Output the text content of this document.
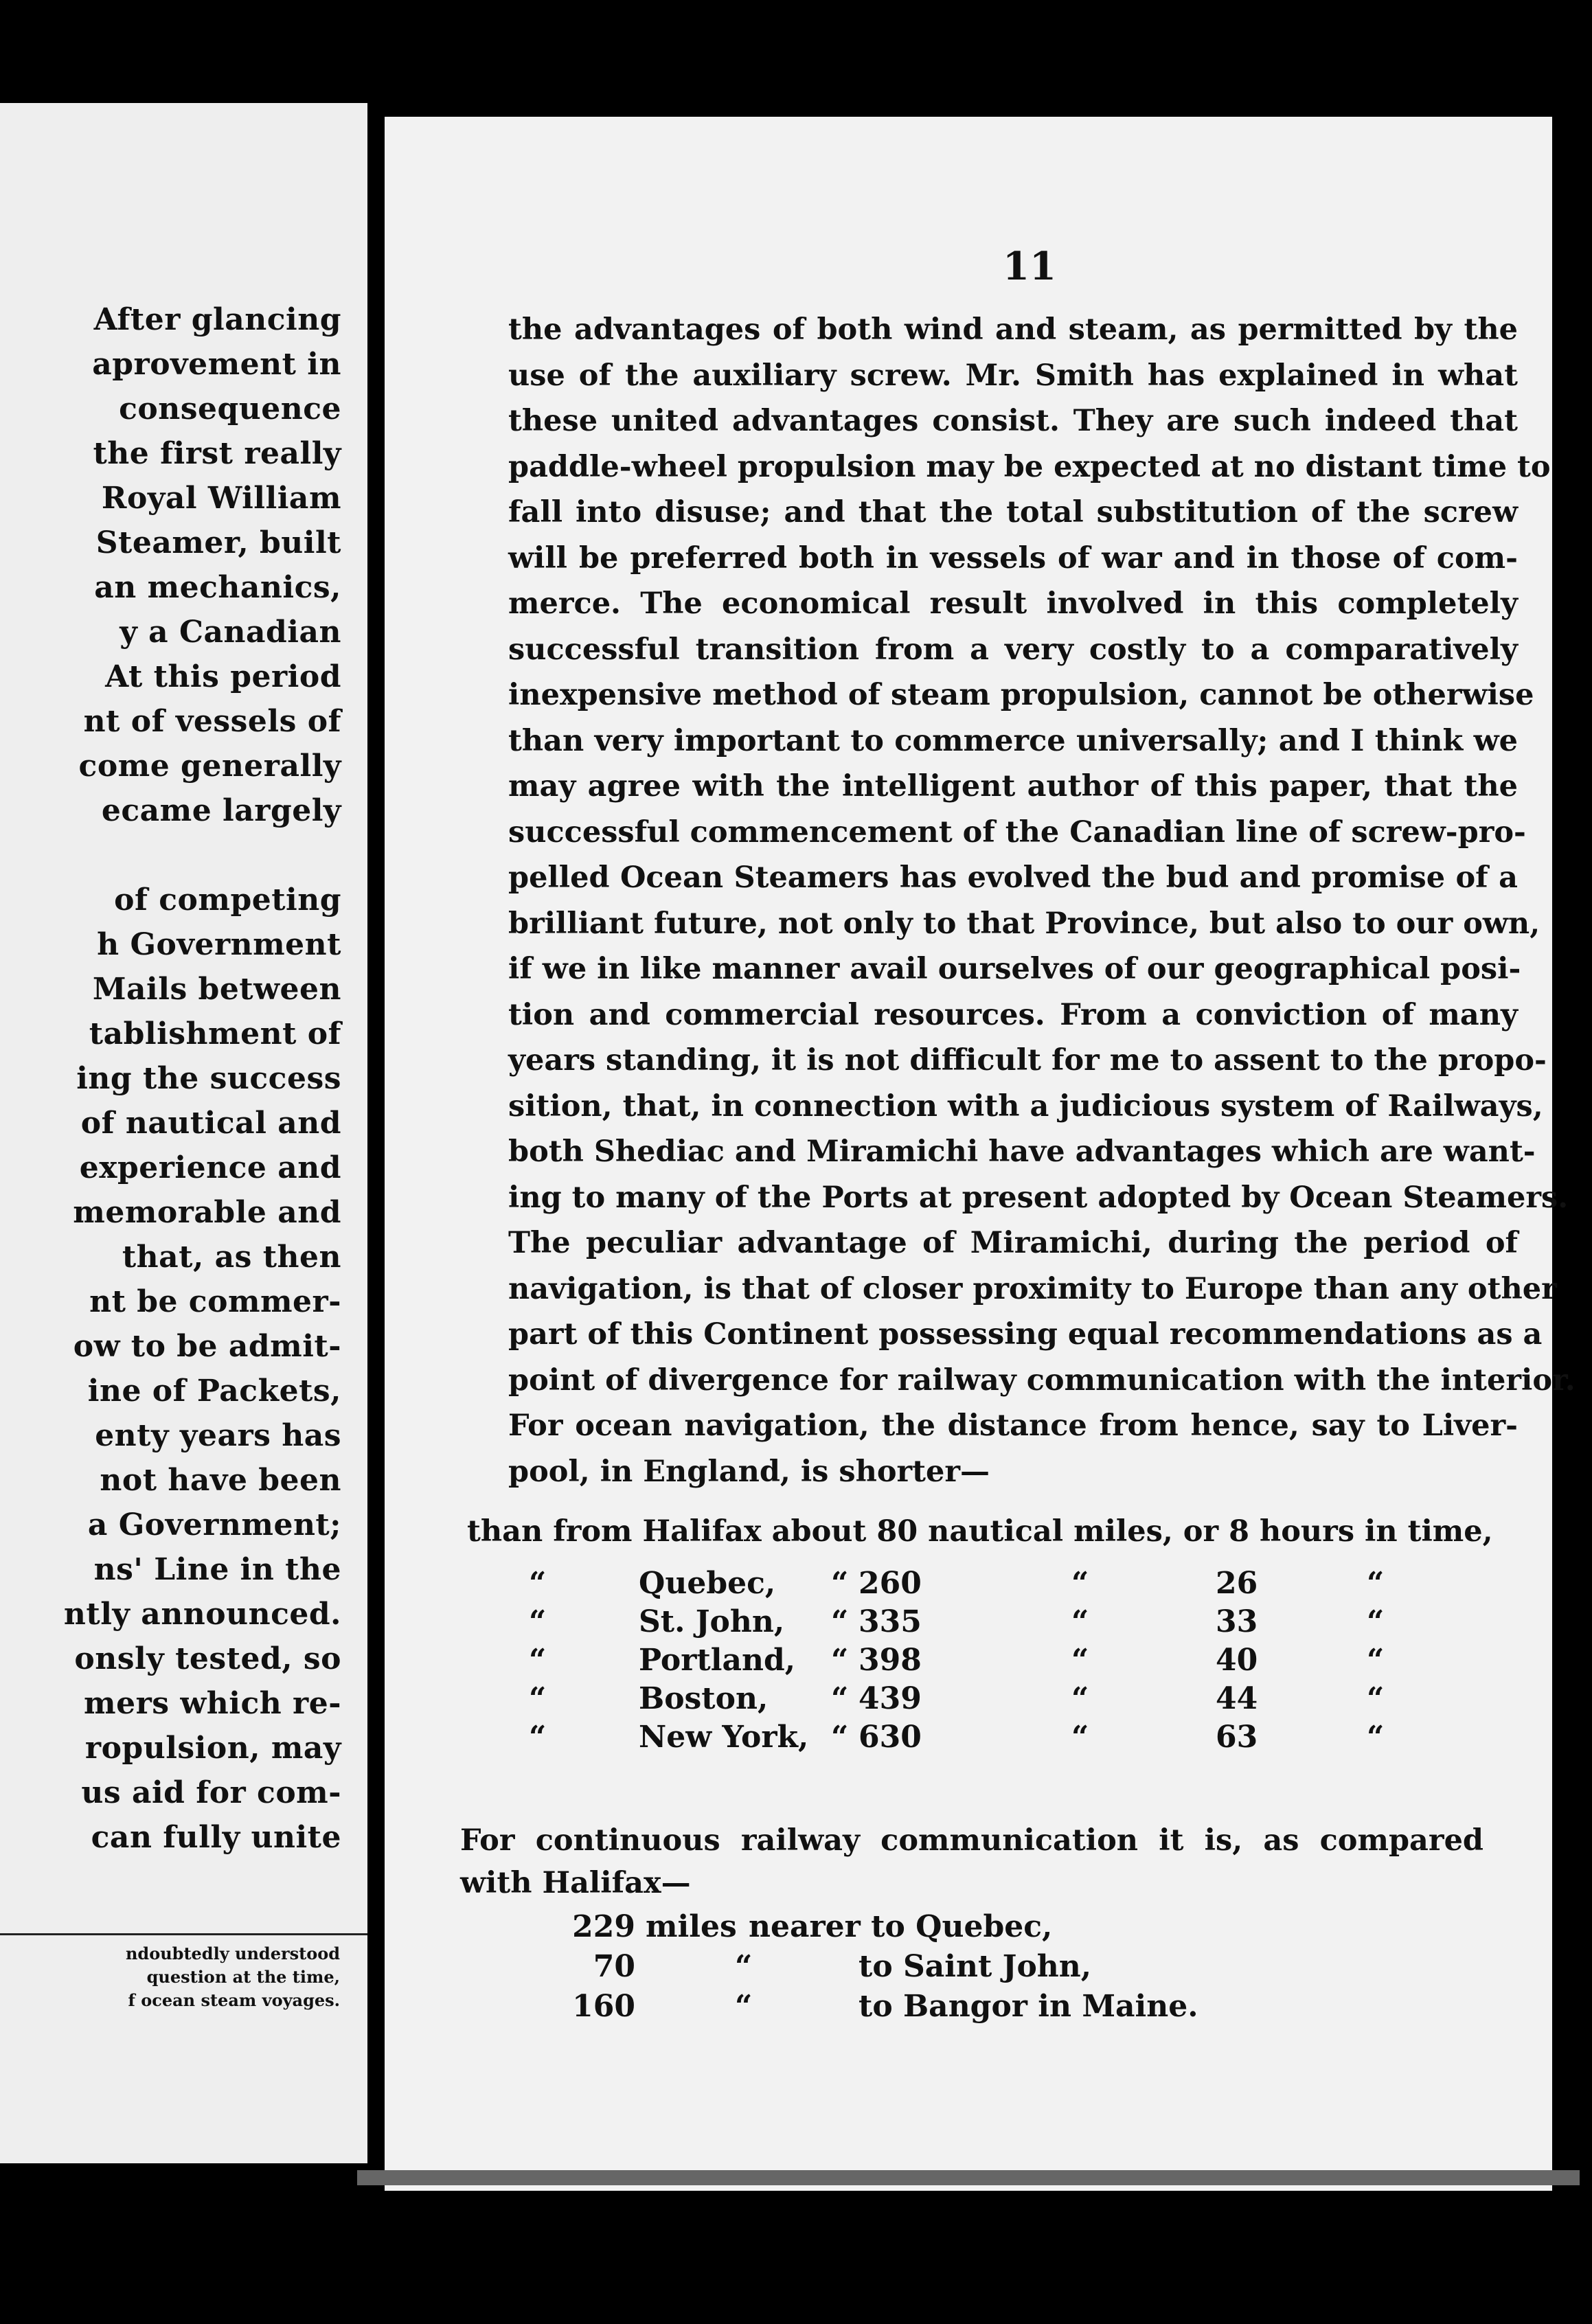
After glancing
aprovement in
consequence
the first really
Royal William
Steamer, built
an mechanics,
y a Canadian
At this period
nt of vessels of
come generally
ecame largely
of competing
h Government
Mails between
tablishment of
ing the success
of nautical and
experience and
memorable and
that, as then
nt be commer-
ow to be admit-
ine of Packets,
enty years has
not have been
a Government;
ns' Line in the
ntly announced.
onsly tested, so
mers which re-
ropulsion, may
us aid for com-
can fully unite
ndoubtedly understood
question at the time,
f ocean steam voyages.
11
the advantages of both wind and steam, as permitted by the
use of the auxiliary screw. Mr. Smith has explained in what
these united advantages consist. They are such indeed that
paddle-wheel propulsion may be expected at no distant time to
fall into disuse; and that the total substitution of the screw
will be preferred both in vessels of war and in those of com-
merce. The economical result involved in this completely
successful transition from a very costly to a comparatively
inexpensive method of steam propulsion, cannot be otherwise
than very important to commerce universally; and I think we
may agree with the intelligent author of this paper, that the
successful commencement of the Canadian line of screw-pro-
pelled Ocean Steamers has evolved the bud and promise of a
brilliant future, not only to that Province, but also to our own,
if we in like manner avail ourselves of our geographical posi-
tion and commercial resources. From a conviction of many
years standing, it is not difficult for me to assent to the propo-
sition, that, in connection with a judicious system of Railways,
both Shediac and Miramichi have advantages which are want-
ing to many of the Ports at present adopted by Ocean Steamers.
The peculiar advantage of Miramichi, during the period of
navigation, is that of closer proximity to Europe than any other
part of this Continent possessing equal recommendations as a
point of divergence for railway communication with the interior.
For ocean navigation, the distance from hence, say to Liver-
pool, in England, is shorter—
than from Halifax about 80 nautical miles, or 8 hours in time,
“	Quebec, “ 260	“	26	“
“	St. John, “ 335	“	33	“
“	Portland, “ 398	“	40	“
“	Boston, “ 439	“	44	“
“	New York, “ 630	“	63	“
For continuous railway communication it is, as compared
with Halifax—
229 miles nearer to Quebec,
70	“	to Saint John,
160	“	to Bangor in Maine.
